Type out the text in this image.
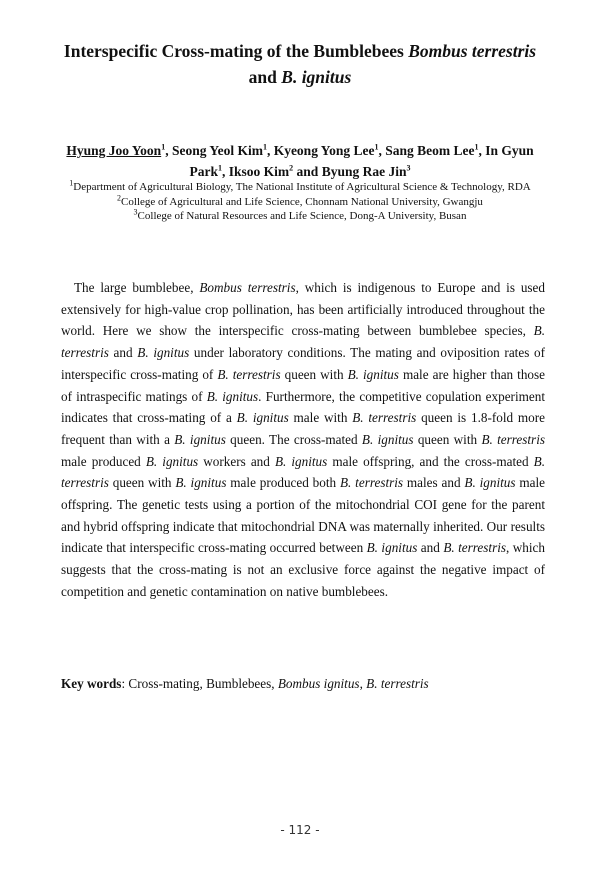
Interspecific Cross-mating of the Bumblebees Bombus terrestris
and B. ignitus
Hyung Joo Yoon$^1$, Seong Yeol Kim$^1$, Kyeong Yong Lee$^1$, Sang Beom Lee$^1$, In Gyun Park$^1$, Iksoo Kim$^2$ and Byung Rae Jin$^3$
$^1$Department of Agricultural Biology, The National Institute of Agricultural Science & Technology, RDA
$^2$College of Agricultural and Life Science, Chonnam National University, Gwangju
$^3$College of Natural Resources and Life Science, Dong-A University, Busan

The large bumblebee, Bombus terrestris, which is indigenous to Europe and is used extensively for high-value crop pollination, has been artificially introduced throughout the world. Here we show the interspecific cross-mating between bumblebee species, B. terrestris and B. ignitus under laboratory conditions. The mating and oviposition rates of interspecific cross-mating of B. terrestris queen with B. ignitus male are higher than those of intraspecific matings of B. ignitus. Furthermore, the competitive copulation experiment indicates that cross-mating of a B. ignitus male with B. terrestris queen is 1.8-fold more frequent than with a B. ignitus queen. The cross-mated B. ignitus queen with B. terrestris male produced B. ignitus workers and B. ignitus male offspring, and the cross-mated B. terrestris queen with B. ignitus male produced both B. terrestris males and B. ignitus male offspring. The genetic tests using a portion of the mitochondrial COI gene for the parent and hybrid offspring indicate that mitochondrial DNA was maternally inherited. Our results indicate that interspecific cross-mating occurred between B. ignitus and B. terrestris, which suggests that the cross-mating is not an exclusive force against the negative impact of competition and genetic contamination on native bumblebees.

Key words: Cross-mating, Bumblebees, Bombus ignitus, B. terrestris

- 112 -
